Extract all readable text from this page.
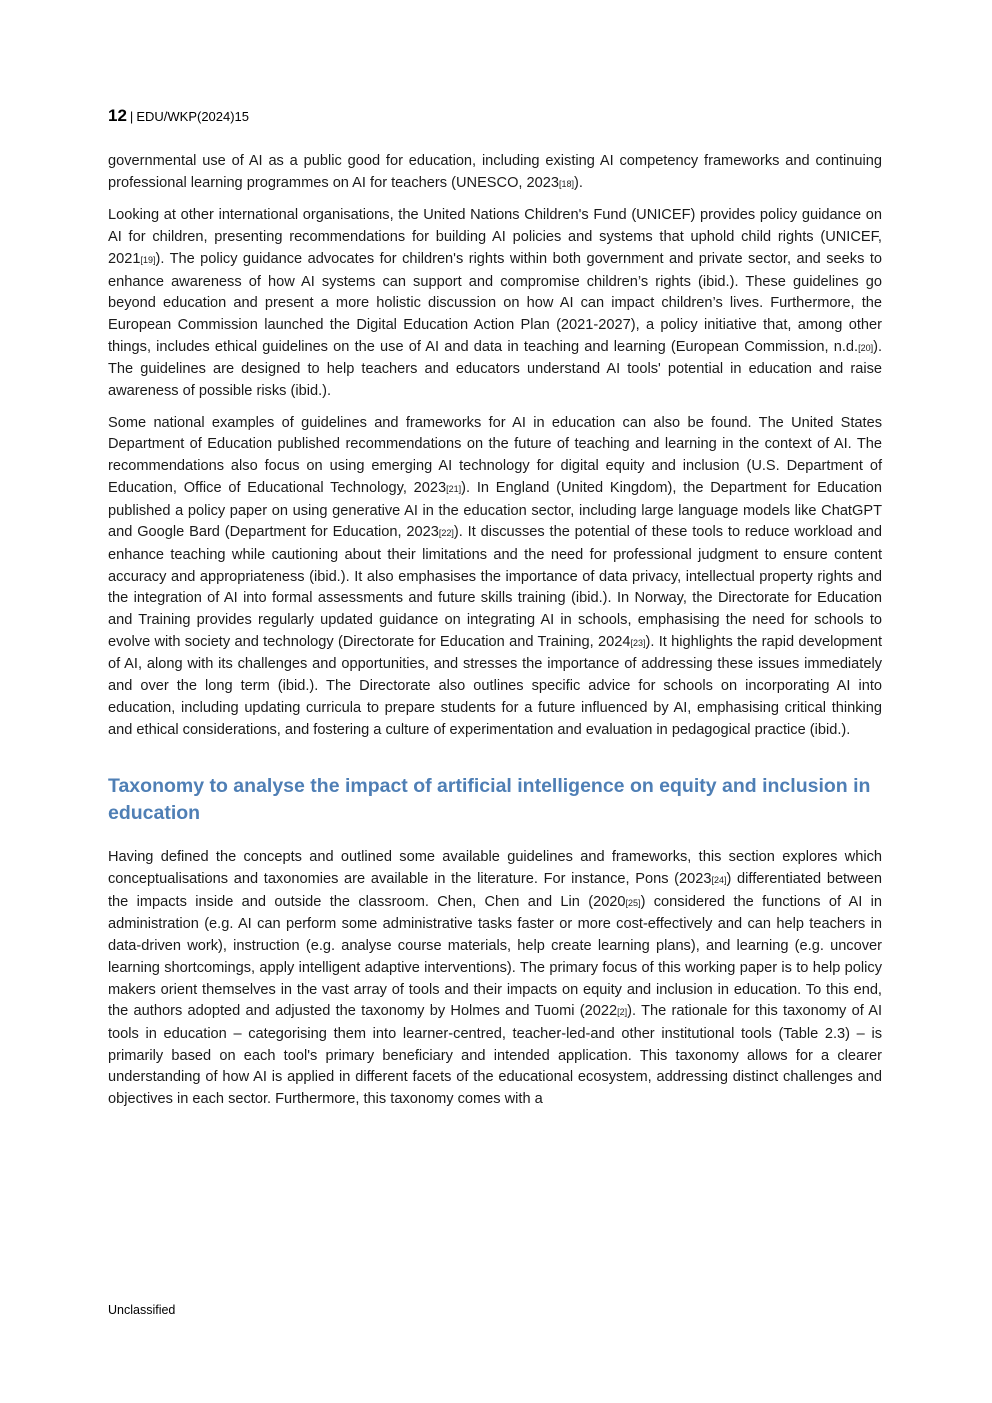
12 | EDU/WKP(2024)15

governmental use of AI as a public good for education, including existing AI competency frameworks and continuing professional learning programmes on AI for teachers (UNESCO, 2023[18]).

Looking at other international organisations, the United Nations Children's Fund (UNICEF) provides policy guidance on AI for children, presenting recommendations for building AI policies and systems that uphold child rights (UNICEF, 2021[19]). The policy guidance advocates for children's rights within both government and private sector, and seeks to enhance awareness of how AI systems can support and compromise children’s rights (ibid.). These guidelines go beyond education and present a more holistic discussion on how AI can impact children’s lives. Furthermore, the European Commission launched the Digital Education Action Plan (2021-2027), a policy initiative that, among other things, includes ethical guidelines on the use of AI and data in teaching and learning (European Commission, n.d.[20]). The guidelines are designed to help teachers and educators understand AI tools' potential in education and raise awareness of possible risks (ibid.).

Some national examples of guidelines and frameworks for AI in education can also be found. The United States Department of Education published recommendations on the future of teaching and learning in the context of AI. The recommendations also focus on using emerging AI technology for digital equity and inclusion (U.S. Department of Education, Office of Educational Technology, 2023[21]). In England (United Kingdom), the Department for Education published a policy paper on using generative AI in the education sector, including large language models like ChatGPT and Google Bard (Department for Education, 2023[22]). It discusses the potential of these tools to reduce workload and enhance teaching while cautioning about their limitations and the need for professional judgment to ensure content accuracy and appropriateness (ibid.). It also emphasises the importance of data privacy, intellectual property rights and the integration of AI into formal assessments and future skills training (ibid.). In Norway, the Directorate for Education and Training provides regularly updated guidance on integrating AI in schools, emphasising the need for schools to evolve with society and technology (Directorate for Education and Training, 2024[23]). It highlights the rapid development of AI, along with its challenges and opportunities, and stresses the importance of addressing these issues immediately and over the long term (ibid.). The Directorate also outlines specific advice for schools on incorporating AI into education, including updating curricula to prepare students for a future influenced by AI, emphasising critical thinking and ethical considerations, and fostering a culture of experimentation and evaluation in pedagogical practice (ibid.).

Taxonomy to analyse the impact of artificial intelligence on equity and inclusion in education

Having defined the concepts and outlined some available guidelines and frameworks, this section explores which conceptualisations and taxonomies are available in the literature. For instance, Pons (2023[24]) differentiated between the impacts inside and outside the classroom. Chen, Chen and Lin (2020[25]) considered the functions of AI in administration (e.g. AI can perform some administrative tasks faster or more cost-effectively and can help teachers in data-driven work), instruction (e.g. analyse course materials, help create learning plans), and learning (e.g. uncover learning shortcomings, apply intelligent adaptive interventions). The primary focus of this working paper is to help policy makers orient themselves in the vast array of tools and their impacts on equity and inclusion in education. To this end, the authors adopted and adjusted the taxonomy by Holmes and Tuomi (2022[2]). The rationale for this taxonomy of AI tools in education – categorising them into learner-centred, teacher-led-and other institutional tools (Table 2.3) – is primarily based on each tool's primary beneficiary and intended application. This taxonomy allows for a clearer understanding of how AI is applied in different facets of the educational ecosystem, addressing distinct challenges and objectives in each sector. Furthermore, this taxonomy comes with a

Unclassified
